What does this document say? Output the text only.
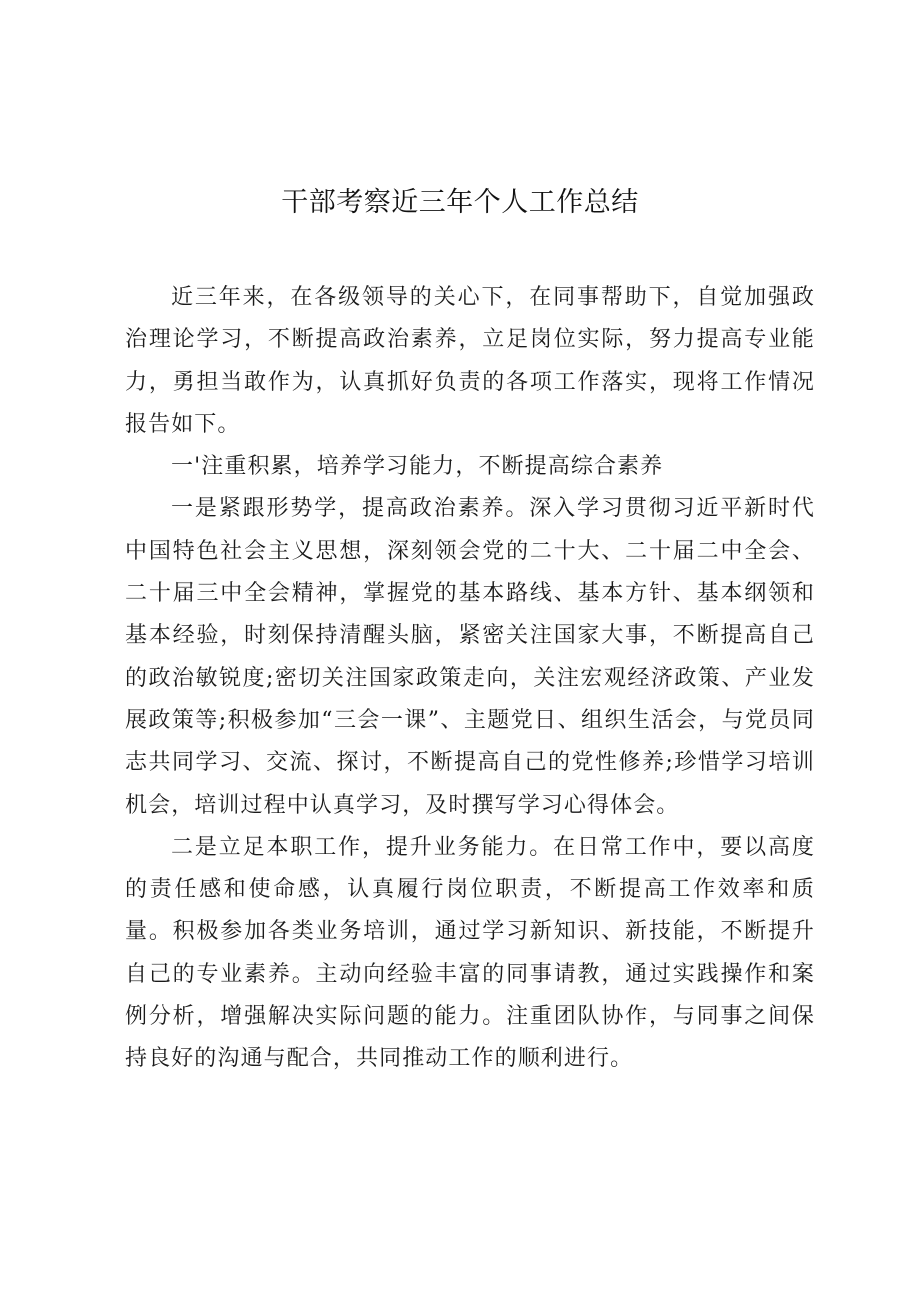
干部考察近三年个人工作总结

近三年来，在各级领导的关心下，在同事帮助下，自觉加强政治理论学习，不断提高政治素养，立足岗位实际，努力提高专业能力，勇担当敢作为，认真抓好负责的各项工作落实，现将工作情况报告如下。

一'注重积累，培养学习能力，不断提高综合素养

一是紧跟形势学，提高政治素养。深入学习贯彻习近平新时代中国特色社会主义思想，深刻领会党的二十大、二十届二中全会、二十届三中全会精神，掌握党的基本路线、基本方针、基本纲领和基本经验，时刻保持清醒头脑，紧密关注国家大事，不断提高自己的政治敏锐度;密切关注国家政策走向，关注宏观经济政策、产业发展政策等;积极参加“三会一课”、主题党日、组织生活会，与党员同志共同学习、交流、探讨，不断提高自己的党性修养;珍惜学习培训机会，培训过程中认真学习，及时撰写学习心得体会。

二是立足本职工作，提升业务能力。在日常工作中，要以高度的责任感和使命感，认真履行岗位职责，不断提高工作效率和质量。积极参加各类业务培训，通过学习新知识、新技能，不断提升自己的专业素养。主动向经验丰富的同事请教，通过实践操作和案例分析，增强解决实际问题的能力。注重团队协作，与同事之间保持良好的沟通与配合，共同推动工作的顺利进行。
